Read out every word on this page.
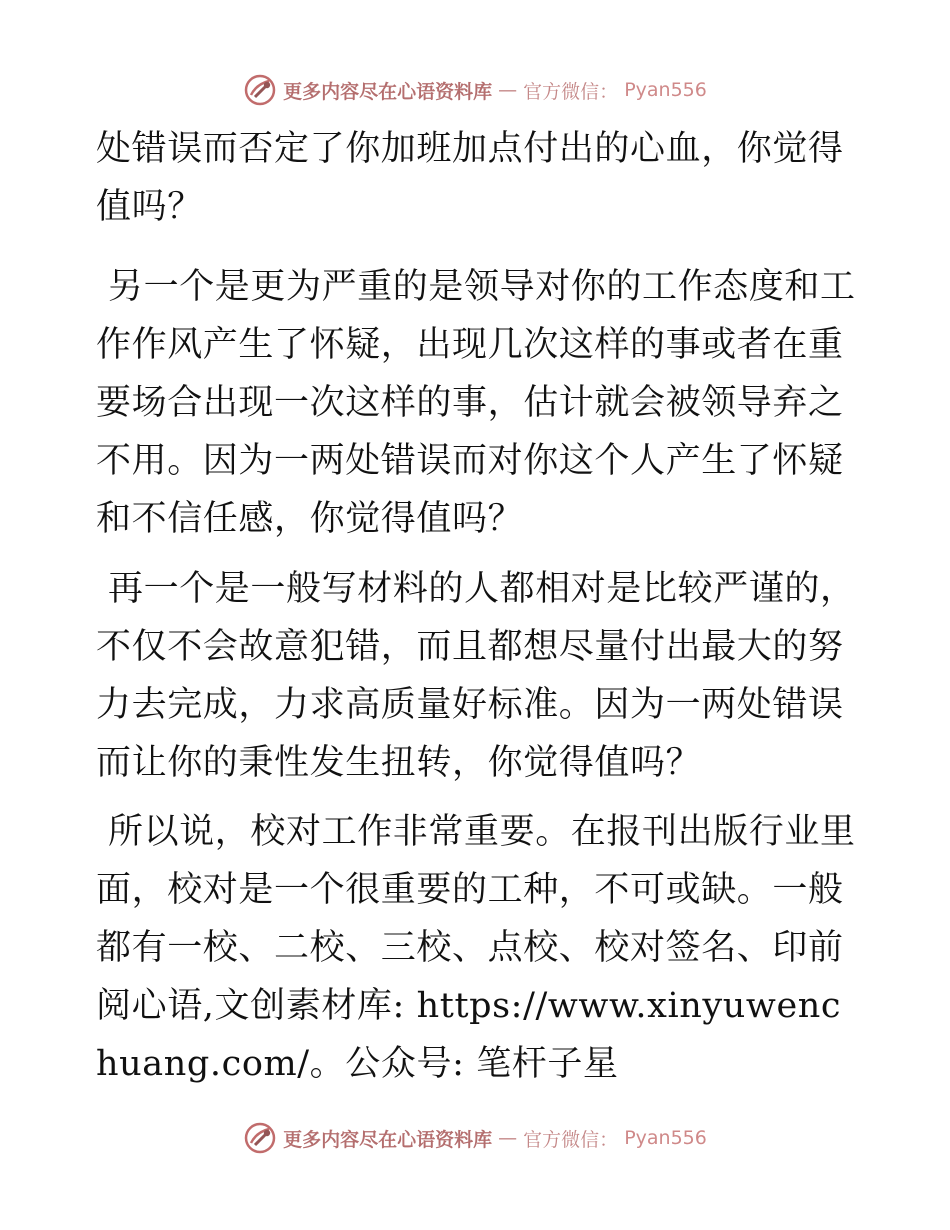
更多内容尽在心语资料库 — 官方微信： Pyan556

处错误而否定了你加班加点付出的心血，你觉得值吗？

另一个是更为严重的是领导对你的工作态度和工作作风产生了怀疑，出现几次这样的事或者在重要场合出现一次这样的事，估计就会被领导弃之不用。因为一两处错误而对你这个人产生了怀疑和不信任感，你觉得值吗？

再一个是一般写材料的人都相对是比较严谨的，不仅不会故意犯错，而且都想尽量付出最大的努力去完成，力求高质量好标准。因为一两处错误而让你的秉性发生扭转，你觉得值吗？

所以说，校对工作非常重要。在报刊出版行业里面，校对是一个很重要的工种，不可或缺。一般都有一校、二校、三校、点校、校对签名、印前阅心语,文创素材库: https://www.xinyuwenchuang.com/。公众号: 笔杆子星

更多内容尽在心语资料库 — 官方微信： Pyan556
